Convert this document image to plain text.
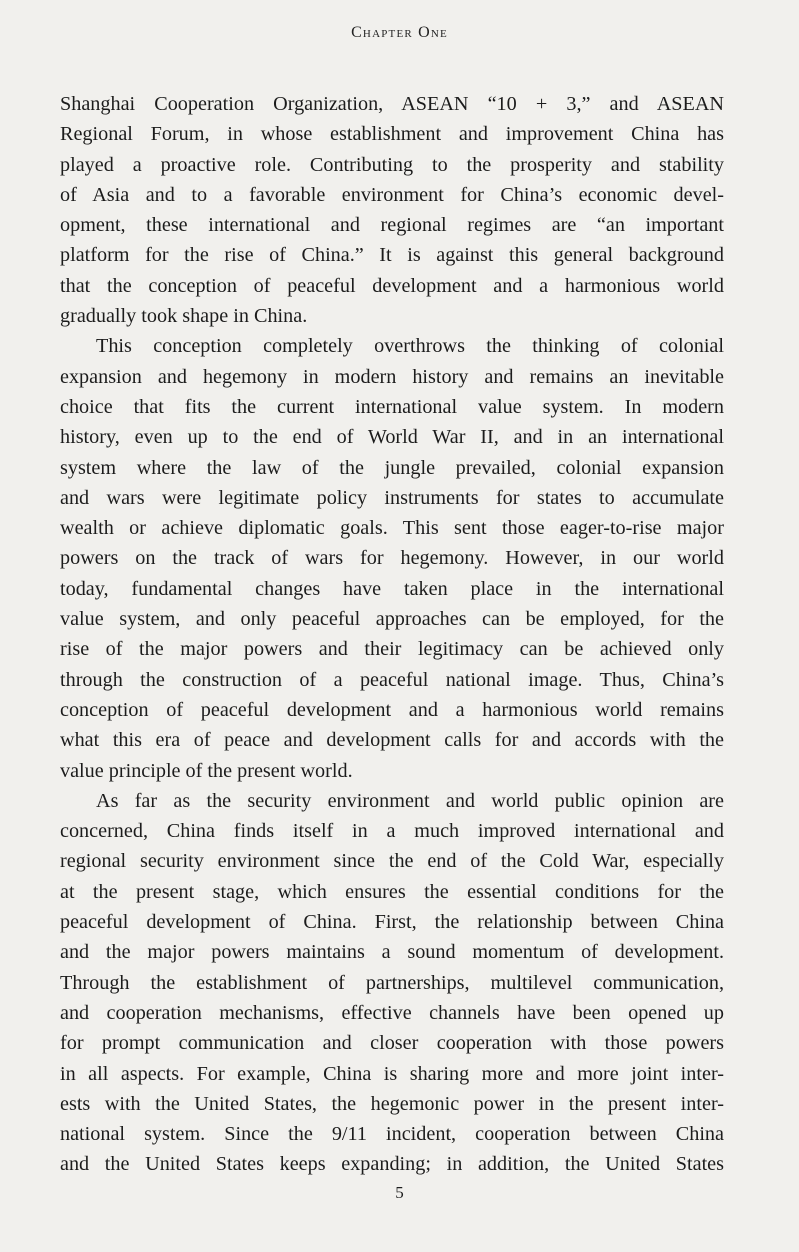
Chapter One
Shanghai Cooperation Organization, ASEAN “10 + 3,” and ASEAN
Regional Forum, in whose establishment and improvement China has
played a proactive role. Contributing to the prosperity and stability
of Asia and to a favorable environment for China’s economic devel-
opment, these international and regional regimes are “an important
platform for the rise of China.” It is against this general background
that the conception of peaceful development and a harmonious world
gradually took shape in China.
This conception completely overthrows the thinking of colonial
expansion and hegemony in modern history and remains an inevitable
choice that fits the current international value system. In modern
history, even up to the end of World War II, and in an international
system where the law of the jungle prevailed, colonial expansion
and wars were legitimate policy instruments for states to accumulate
wealth or achieve diplomatic goals. This sent those eager-to-rise major
powers on the track of wars for hegemony. However, in our world
today, fundamental changes have taken place in the international
value system, and only peaceful approaches can be employed, for the
rise of the major powers and their legitimacy can be achieved only
through the construction of a peaceful national image. Thus, China’s
conception of peaceful development and a harmonious world remains
what this era of peace and development calls for and accords with the
value principle of the present world.
As far as the security environment and world public opinion are
concerned, China finds itself in a much improved international and
regional security environment since the end of the Cold War, especially
at the present stage, which ensures the essential conditions for the
peaceful development of China. First, the relationship between China
and the major powers maintains a sound momentum of development.
Through the establishment of partnerships, multilevel communication,
and cooperation mechanisms, effective channels have been opened up
for prompt communication and closer cooperation with those powers
in all aspects. For example, China is sharing more and more joint inter-
ests with the United States, the hegemonic power in the present inter-
national system. Since the 9/11 incident, cooperation between China
and the United States keeps expanding; in addition, the United States
5
